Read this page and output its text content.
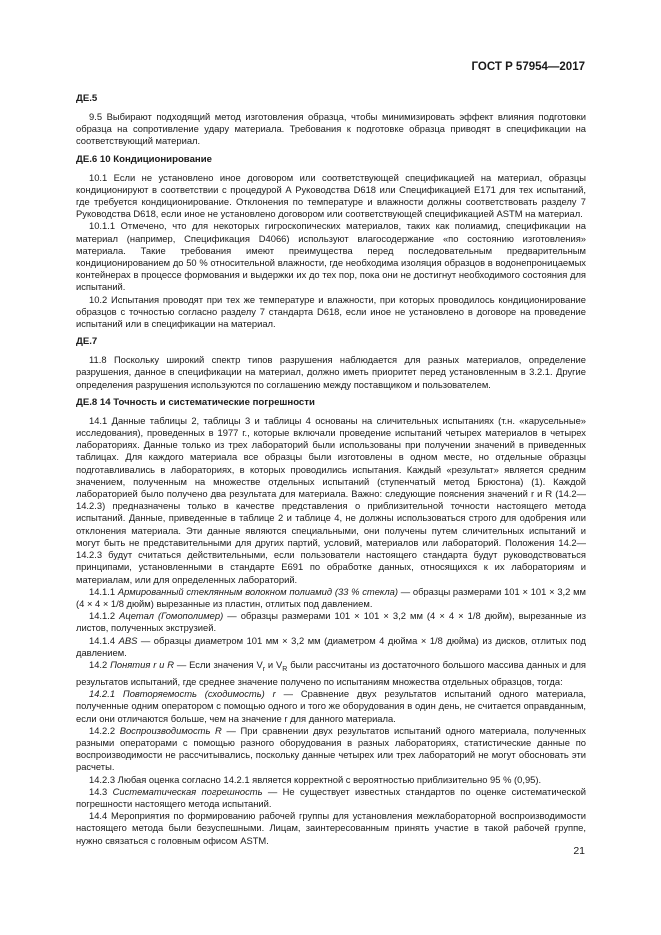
ГОСТ Р 57954—2017
ДЕ.5

9.5 Выбирают подходящий метод изготовления образца, чтобы минимизировать эффект влияния подготовки образца на сопротивление удару материала. Требования к подготовке образца приводят в спецификации на соответствующий материал.

ДЕ.6 10 Кондиционирование

10.1 Если не установлено иное договором или соответствующей спецификацией на материал, образцы кондиционируют в соответствии с процедурой А Руководства D618 или Спецификацией E171 для тех испытаний, где требуется кондиционирование. Отклонения по температуре и влажности должны соответствовать разделу 7 Руководства D618, если иное не установлено договором или соответствующей спецификацией ASTM на материал.

10.1.1 Отмечено, что для некоторых гигроскопических материалов, таких как полиамид, спецификации на материал (например, Спецификация D4066) используют влагосодержание «по состоянию изготовления» материала. Такие требования имеют преимущества перед последовательным предварительным кондиционированием до 50 % относительной влажности, где необходима изоляция образцов в водонепроницаемых контейнерах в процессе формования и выдержки их до тех пор, пока они не достигнут необходимого состояния для испытаний.

10.2 Испытания проводят при тех же температуре и влажности, при которых проводилось кондиционирование образцов с точностью согласно разделу 7 стандарта D618, если иное не установлено в договоре на проведение испытаний или в спецификации на материал.

ДЕ.7

11.8 Поскольку широкий спектр типов разрушения наблюдается для разных материалов, определение разрушения, данное в спецификации на материал, должно иметь приоритет перед установленным в 3.2.1. Другие определения разрушения используются по соглашению между поставщиком и пользователем.

ДЕ.8 14 Точность и систематические погрешности

14.1 Данные таблицы 2, таблицы 3 и таблицы 4 основаны на сличительных испытаниях (т.н. «карусельные» исследования), проведенных в 1977 г., которые включали проведение испытаний четырех материалов в четырех лабораториях. Данные только из трех лабораторий были использованы при получении значений в приведенных таблицах. Для каждого материала все образцы были изготовлены в одном месте, но отдельные образцы подготавливались в лабораториях, в которых проводились испытания. Каждый «результат» является средним значением, полученным на множестве отдельных испытаний (ступенчатый метод Брюстона) (1). Каждой лабораторией было получено два результата для материала. Важно: следующие пояснения значений r и R (14.2—14.2.3) предназначены только в качестве представления о приблизительной точности настоящего метода испытаний. Данные, приведенные в таблице 2 и таблице 4, не должны использоваться строго для одобрения или отклонения материала. Эти данные являются специальными, они получены путем сличительных испытаний и могут быть не представительными для других партий, условий, материалов или лабораторий. Положения 14.2—14.2.3 будут считаться действительными, если пользователи настоящего стандарта будут руководствоваться принципами, установленными в стандарте E691 по обработке данных, относящихся к их лабораториям и материалам, или для определенных лабораторий.

14.1.1 Армированный стеклянным волокном полиамид (33 % стекла) — образцы размерами 101 × 101 × 3,2 мм (4 × 4 × 1/8 дюйм) вырезанные из пластин, отлитых под давлением.

14.1.2 Ацетал (Гомополимер) — образцы размерами 101 × 101 × 3,2 мм (4 × 4 × 1/8 дюйм), вырезанные из листов, полученных экструзией.

14.1.4 ABS — образцы диаметром 101 мм × 3,2 мм (диаметром 4 дюйма × 1/8 дюйма) из дисков, отлитых под давлением.

14.2 Понятия r и R — Если значения $V_r$ и $V_R$ были рассчитаны из достаточного большого массива данных и для результатов испытаний, где среднее значение получено по испытаниям множества отдельных образцов, тогда:

14.2.1 Повторяемость (сходимость) r — Сравнение двух результатов испытаний одного материала, полученные одним оператором с помощью одного и того же оборудования в один день, не считается оправданным, если они отличаются больше, чем на значение r для данного материала.

14.2.2 Воспроизводимость R — При сравнении двух результатов испытаний одного материала, полученных разными операторами с помощью разного оборудования в разных лабораториях, статистические данные по воспроизводимости не рассчитывались, поскольку данные четырех или трех лабораторий не могут обосновать эти расчеты.

14.2.3 Любая оценка согласно 14.2.1 является корректной с вероятностью приблизительно 95 % (0,95).

14.3 Систематическая погрешность — Не существует известных стандартов по оценке систематической погрешности настоящего метода испытаний.

14.4 Мероприятия по формированию рабочей группы для установления межлабораторной воспроизводимости настоящего метода были безуспешными. Лицам, заинтересованным принять участие в такой рабочей группе, нужно связаться с головным офисом ASTM.

21
